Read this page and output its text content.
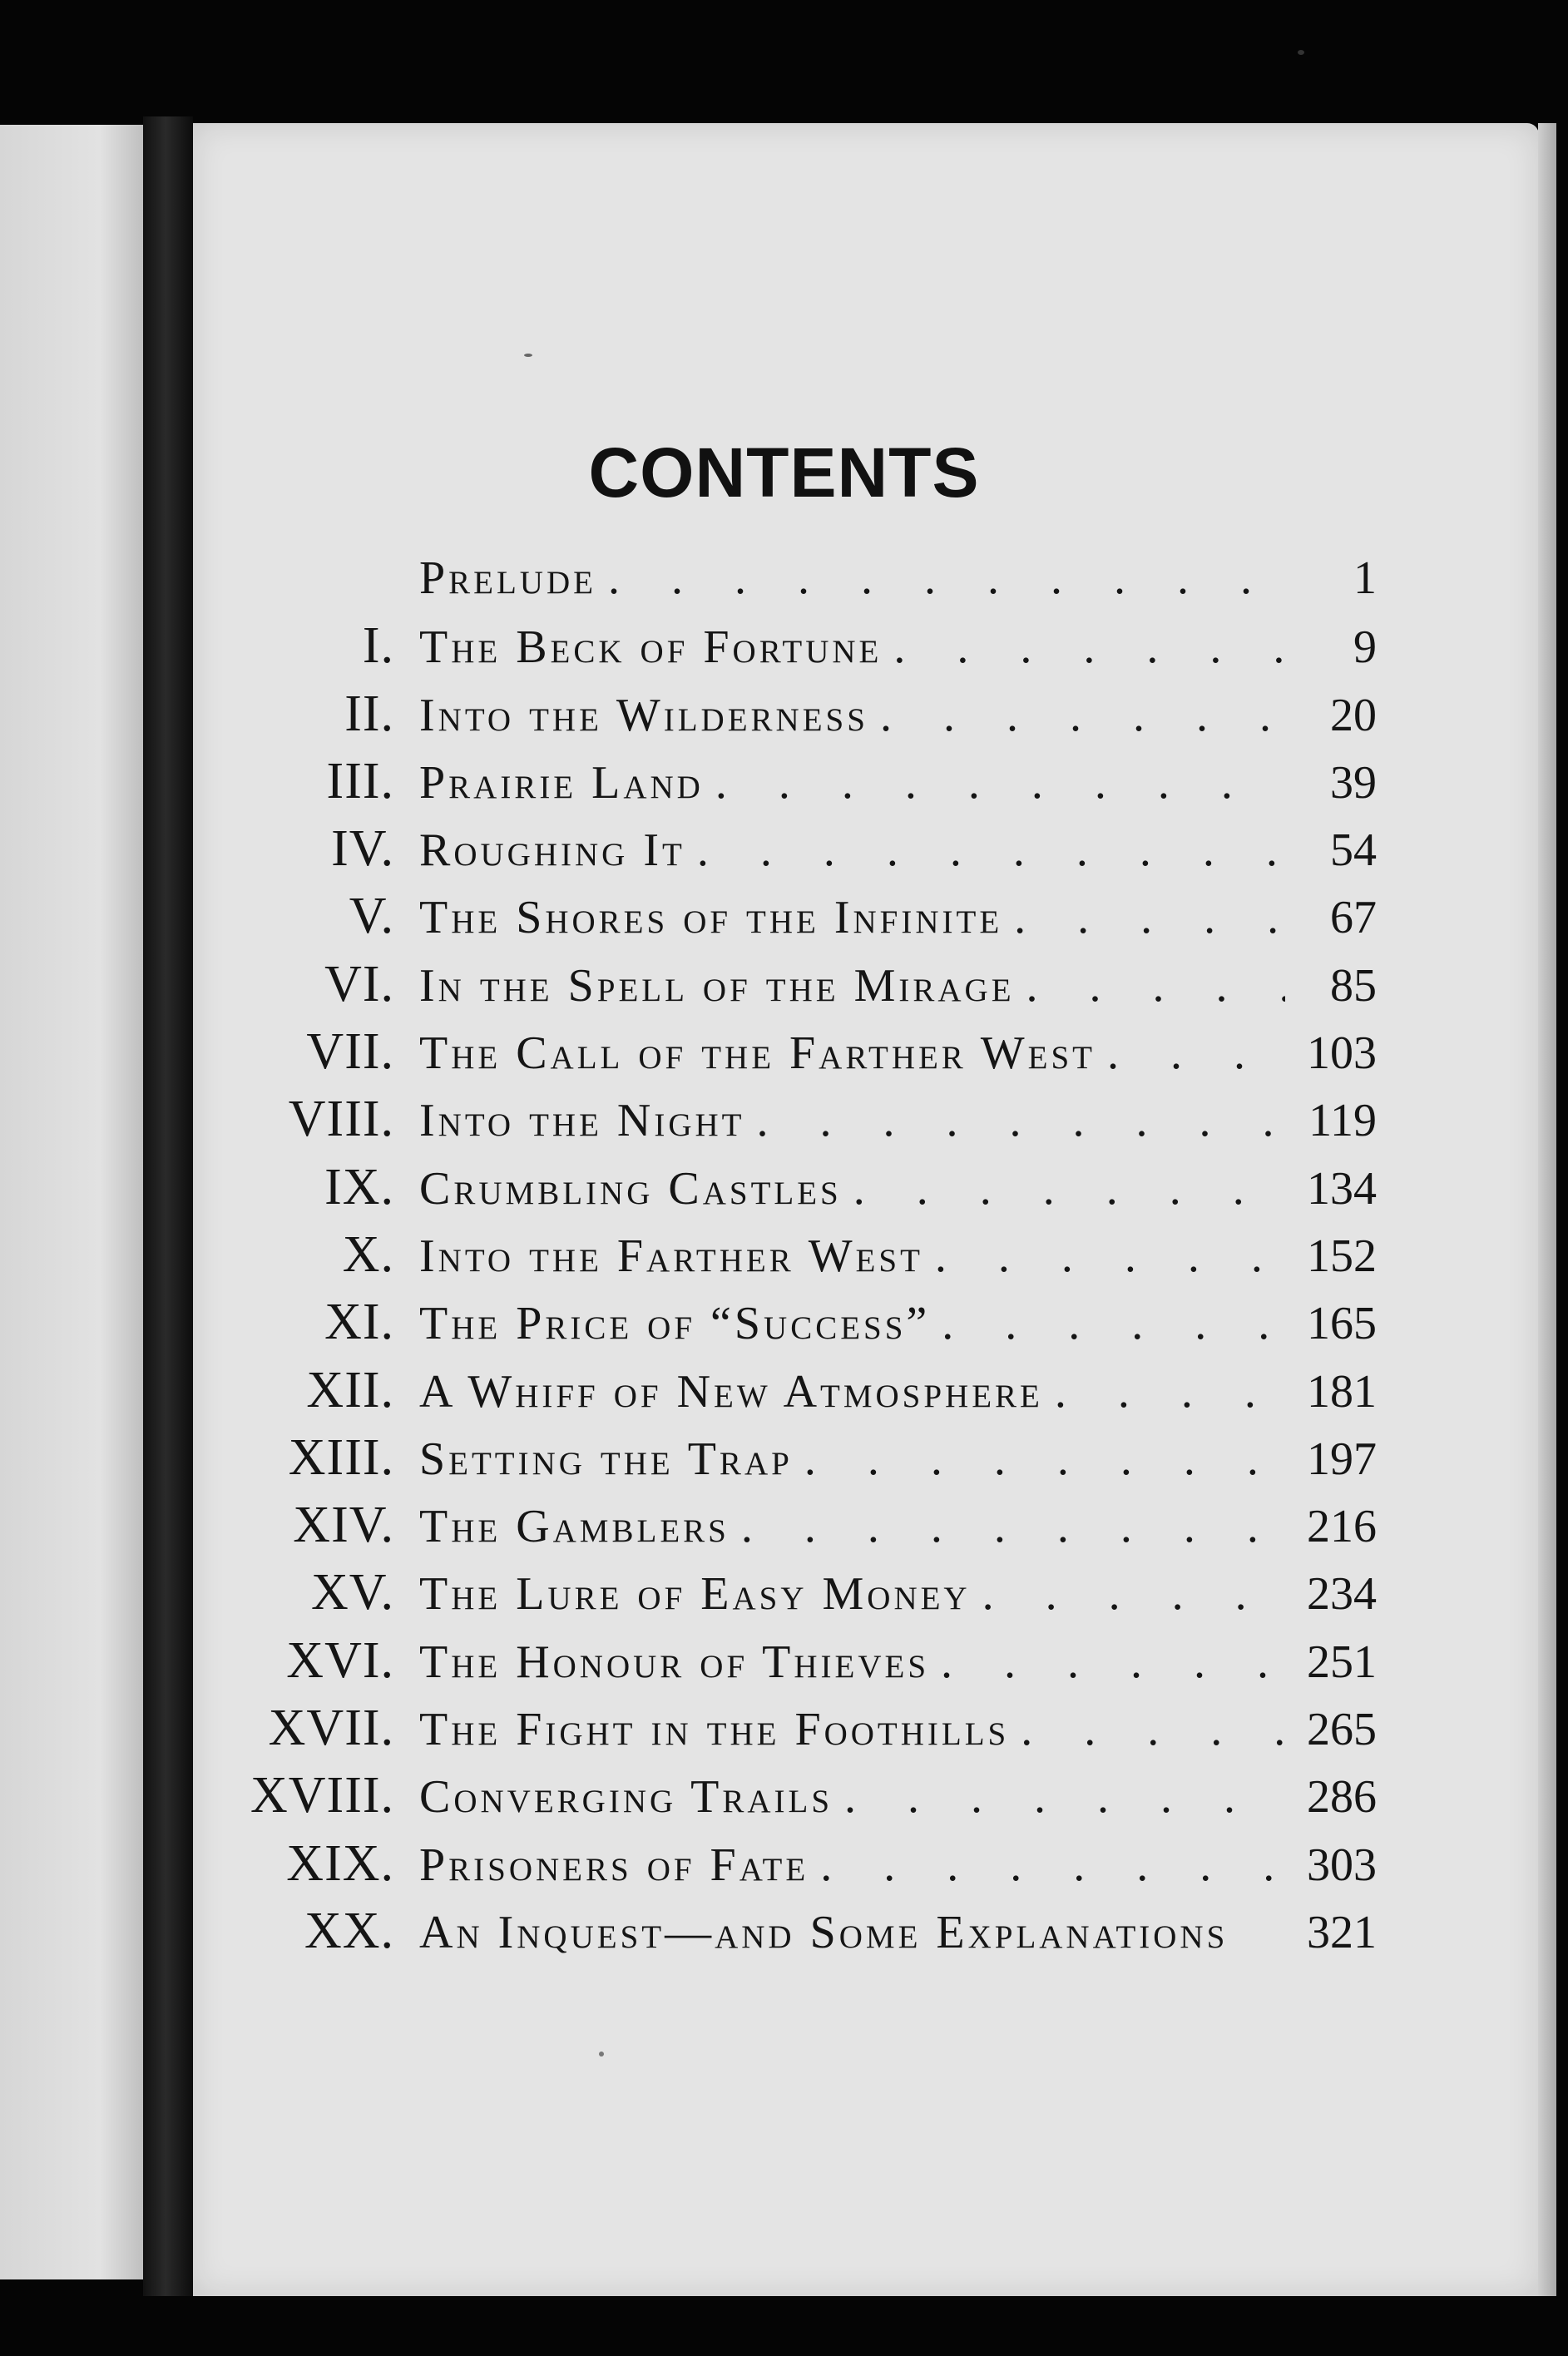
CONTENTS
Prelude . . .	1
I. The Beck of Fortune . . .	9
II. Into the Wilderness . . .	20
III. Prairie Land . . .	39
IV. Roughing It . . .	54
V. The Shores of the Infinite . . .	67
VI. In the Spell of the Mirage . . .	85
VII. The Call of the Farther West . . .	103
VIII. Into the Night . . .	119
IX. Crumbling Castles . . .	134
X. Into the Farther West . . .	152
XI. The Price of “Success” . . .	165
XII. A Whiff of New Atmosphere . . .	181
XIII. Setting the Trap . . .	197
XIV. The Gamblers . . .	216
XV. The Lure of Easy Money . . .	234
XVI. The Honour of Thieves . . .	251
XVII. The Fight in the Foothills . . .	265
XVIII. Converging Trails . . .	286
XIX. Prisoners of Fate . . .	303
XX. An Inquest—and Some Explanations	321
